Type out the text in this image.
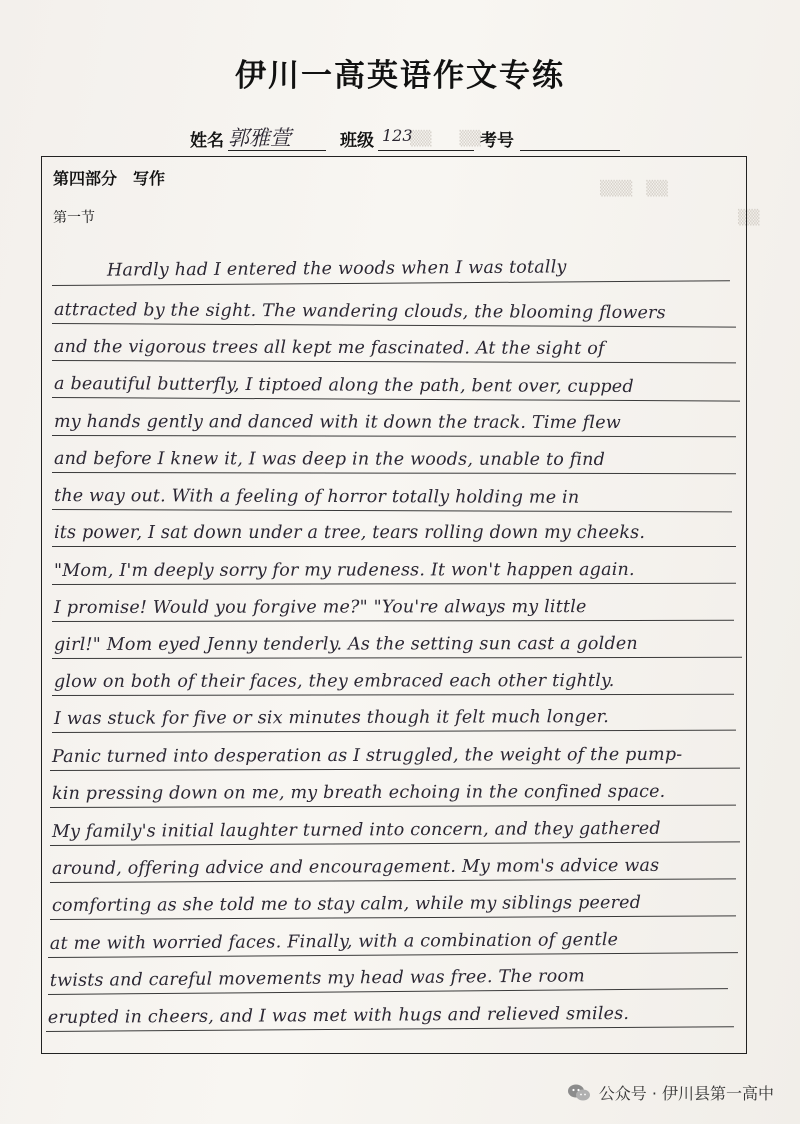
▒▒▒　▒▒
▒▒
▒▒　　▒▒
伊川一高英语作文专练
姓名 郭雅萱	班级 123	考号
第四部分　写作
第一节
　　　Hardly had I entered the woods when I was totally
attracted by the sight. The wandering clouds, the blooming flowers
and the vigorous trees all kept me fascinated. At the sight of
a beautiful butterfly, I tiptoed along the path, bent over, cupped
my hands gently and danced with it down the track. Time flew
and before I knew it, I was deep in the woods, unable to find
the way out. With a feeling of horror totally holding me in
its power, I sat down under a tree, tears rolling down my cheeks.
"Mom, I'm deeply sorry for my rudeness. It won't happen again.
I promise! Would you forgive me?" "You're always my little
girl!" Mom eyed Jenny tenderly. As the setting sun cast a golden
glow on both of their faces, they embraced each other tightly.
I was stuck for five or six minutes though it felt much longer.
Panic turned into desperation as I struggled, the weight of the pump-
kin pressing down on me, my breath echoing in the confined space.
My family's initial laughter turned into concern, and they gathered
around, offering advice and encouragement. My mom's advice was
comforting as she told me to stay calm, while my siblings peered
at me with worried faces. Finally, with a combination of gentle
twists and careful movements my head was free. The room
erupted in cheers, and I was met with hugs and relieved smiles.
公众号 · 伊川县第一高中
